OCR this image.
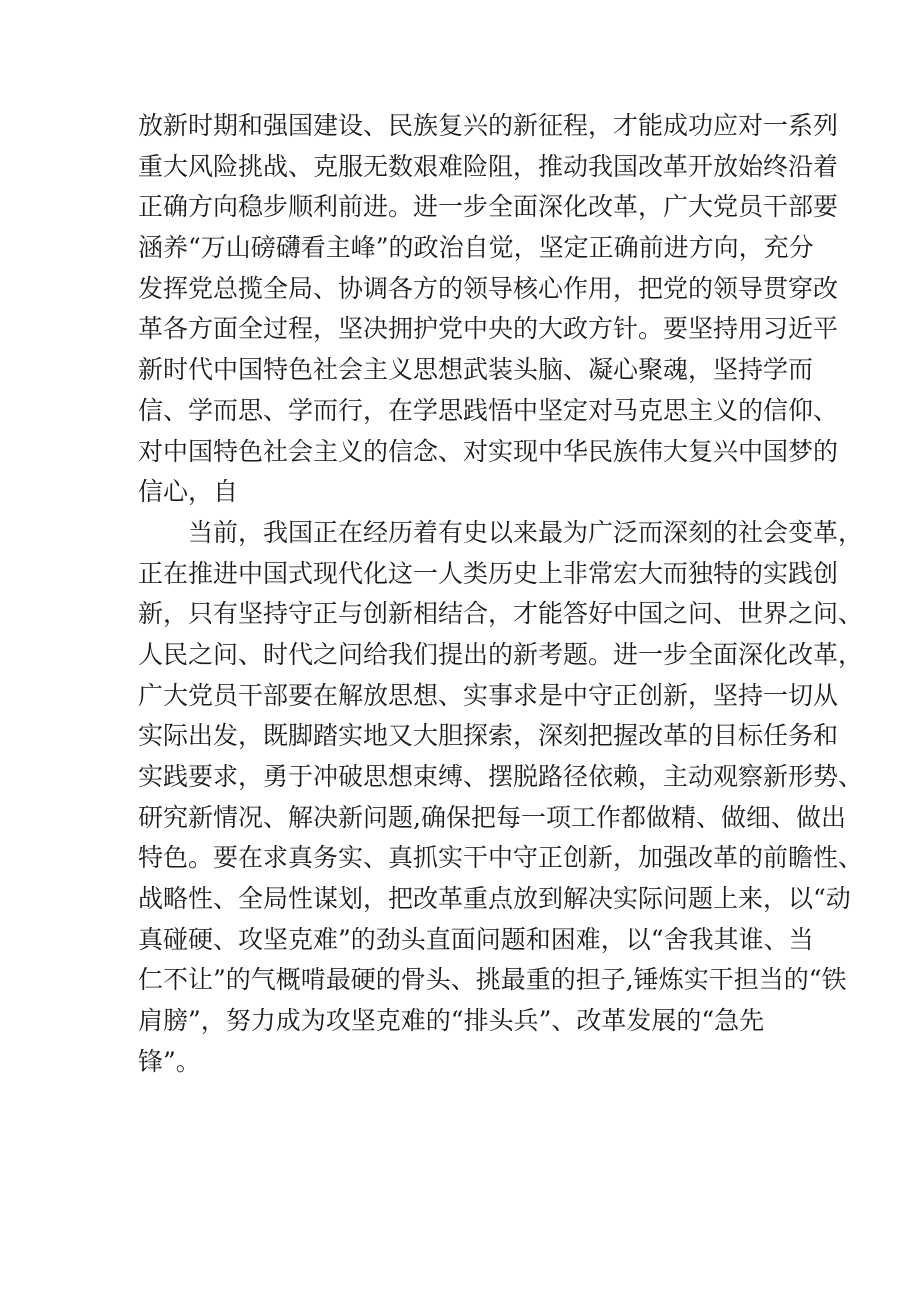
放新时期和强国建设、民族复兴的新征程，才能成功应对一系列
重大风险挑战、克服无数艰难险阻，推动我国改革开放始终沿着
正确方向稳步顺利前进。进一步全面深化改革，广大党员干部要
涵养“万山磅礴看主峰”的政治自觉，坚定正确前进方向，充分
发挥党总揽全局、协调各方的领导核心作用，把党的领导贯穿改
革各方面全过程，坚决拥护党中央的大政方针。要坚持用习近平
新时代中国特色社会主义思想武装头脑、凝心聚魂，坚持学而
信、学而思、学而行，在学思践悟中坚定对马克思主义的信仰、
对中国特色社会主义的信念、对实现中华民族伟大复兴中国梦的
信心，自
当前，我国正在经历着有史以来最为广泛而深刻的社会变革，
正在推进中国式现代化这一人类历史上非常宏大而独特的实践创
新，只有坚持守正与创新相结合，才能答好中国之问、世界之问、
人民之问、时代之问给我们提出的新考题。进一步全面深化改革，
广大党员干部要在解放思想、实事求是中守正创新，坚持一切从
实际出发，既脚踏实地又大胆探索，深刻把握改革的目标任务和
实践要求，勇于冲破思想束缚、摆脱路径依赖，主动观察新形势、
研究新情况、解决新问题,确保把每一项工作都做精、做细、做出
特色。要在求真务实、真抓实干中守正创新，加强改革的前瞻性、
战略性、全局性谋划，把改革重点放到解决实际问题上来，以“动
真碰硬、攻坚克难”的劲头直面问题和困难，以“舍我其谁、当
仁不让”的气概啃最硬的骨头、挑最重的担子,锤炼实干担当的“铁
肩膀”，努力成为攻坚克难的“排头兵”、改革发展的“急先
锋”。
